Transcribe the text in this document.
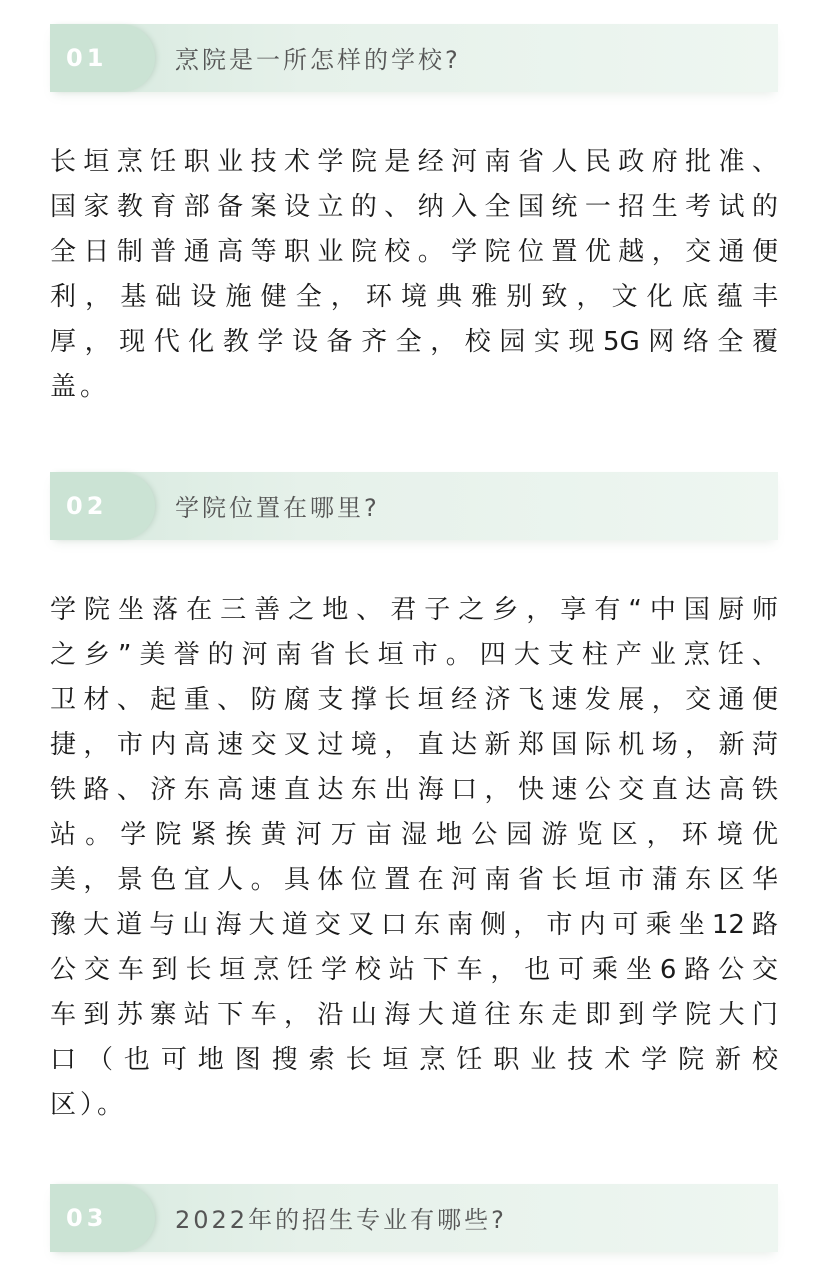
01	烹院是一所怎样的学校?
长垣烹饪职业技术学院是经河南省人民政府批准、
国家教育部备案设立的、纳入全国统一招生考试的
全日制普通高等职业院校。学院位置优越，交通便
利，基础设施健全，环境典雅别致，文化底蕴丰
厚，现代化教学设备齐全，校园实现5G网络全覆
盖。
02	学院位置在哪里?
学院坐落在三善之地、君子之乡，享有“中国厨师
之乡”美誉的河南省长垣市。四大支柱产业烹饪、
卫材、起重、防腐支撑长垣经济飞速发展，交通便
捷，市内高速交叉过境，直达新郑国际机场，新菏
铁路、济东高速直达东出海口，快速公交直达高铁
站。学院紧挨黄河万亩湿地公园游览区，环境优
美，景色宜人。具体位置在河南省长垣市蒲东区华
豫大道与山海大道交叉口东南侧，市内可乘坐12路
公交车到长垣烹饪学校站下车，也可乘坐6路公交
车到苏寨站下车，沿山海大道往东走即到学院大门
口（也可地图搜索长垣烹饪职业技术学院新校
区）。
03	2022年的招生专业有哪些?
